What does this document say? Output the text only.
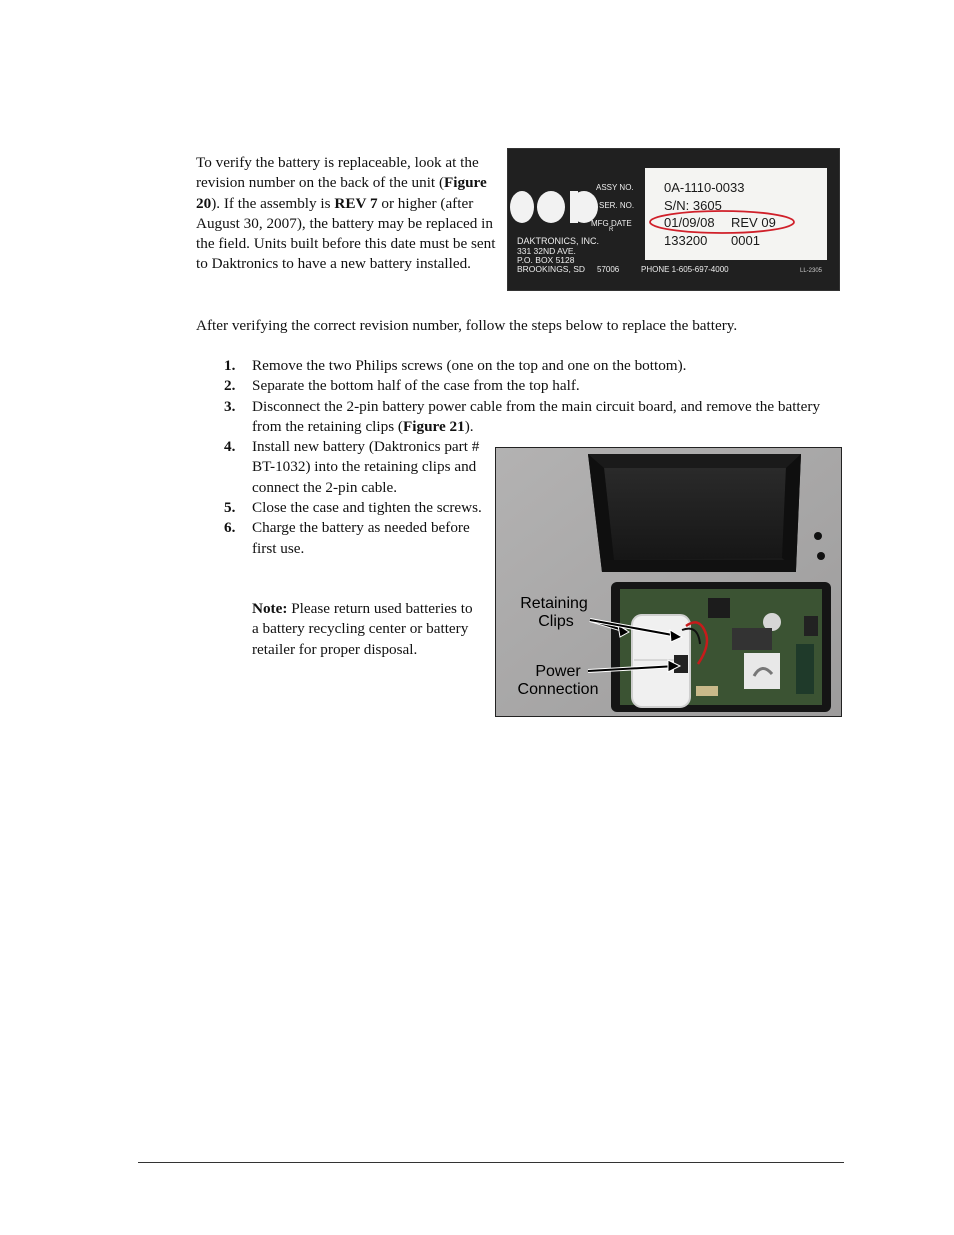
To verify the battery is replaceable, look at the revision number on the back of the unit (Figure 20). If the assembly is REV 7 or higher (after August 30, 2007), the battery may be replaced in the field. Units built before this date must be sent to Daktronics to have a new battery installed.

R
ASSY NO.
SER. NO.
MFG DATE
0A-1110-0033
S/N: 3605
01/09/08 REV 09
133200 0001
DAKTRONICS, INC.
331 32ND AVE.
P.O. BOX 5128
BROOKINGS, SD 57006	PHONE 1-605-697-4000	LL-2305

After verifying the correct revision number, follow the steps below to replace the battery.

1. Remove the two Philips screws (one on the top and one on the bottom).
2. Separate the bottom half of the case from the top half.
3. Disconnect the 2-pin battery power cable from the main circuit board, and remove the battery from the retaining clips (Figure 21).
4. Install new battery (Daktronics part # BT-1032) into the retaining clips and connect the 2-pin cable.
5. Close the case and tighten the screws.
6. Charge the battery as needed before first use.

Note: Please return used batteries to a battery recycling center or battery retailer for proper disposal.

Retaining
Clips
Power
Connection
